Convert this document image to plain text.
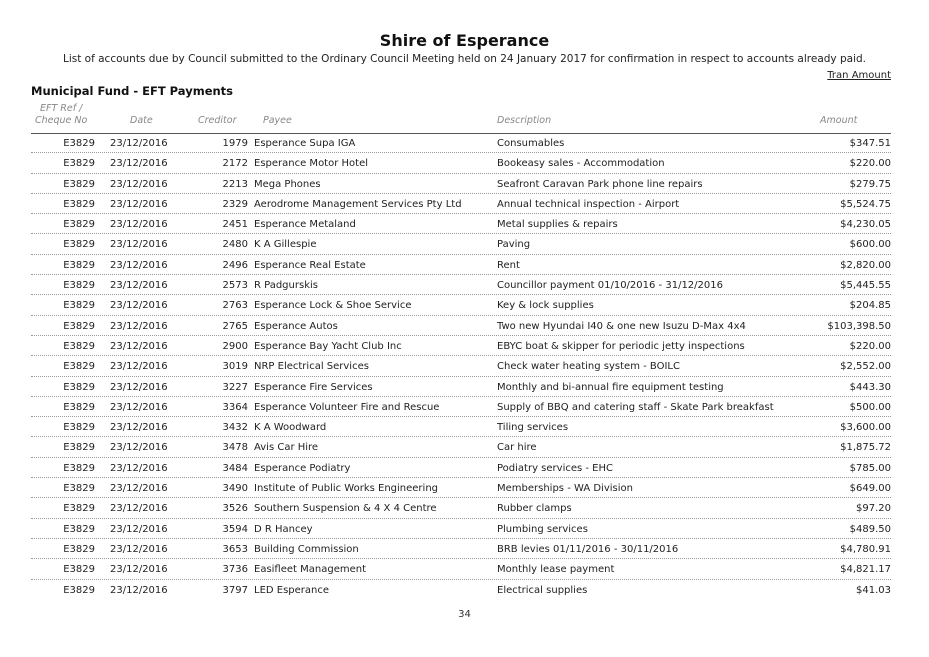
Shire of Esperance
List of accounts due by Council submitted to the Ordinary Council Meeting held on 24 January 2017 for confirmation in respect to accounts already paid.
Tran Amount
Municipal Fund - EFT Payments
EFT Ref /
Cheque No	Date	Creditor	Payee	Description	Amount
E3829 23/12/2016	1979 Esperance Supa IGA	Consumables	$347.51
E3829 23/12/2016	2172 Esperance Motor Hotel	Bookeasy sales - Accommodation	$220.00
E3829 23/12/2016	2213 Mega Phones	Seafront Caravan Park phone line repairs	$279.75
E3829 23/12/2016	2329 Aerodrome Management Services Pty Ltd	Annual technical inspection - Airport	$5,524.75
E3829 23/12/2016	2451 Esperance Metaland	Metal supplies & repairs	$4,230.05
E3829 23/12/2016	2480 K A Gillespie	Paving	$600.00
E3829 23/12/2016	2496 Esperance Real Estate	Rent	$2,820.00
E3829 23/12/2016	2573 R Padgurskis	Councillor payment 01/10/2016 - 31/12/2016	$5,445.55
E3829 23/12/2016	2763 Esperance Lock & Shoe Service	Key & lock supplies	$204.85
E3829 23/12/2016	2765 Esperance Autos	Two new Hyundai I40 & one new Isuzu D-Max 4x4	$103,398.50
E3829 23/12/2016	2900 Esperance Bay Yacht Club Inc	EBYC boat & skipper for periodic jetty inspections	$220.00
E3829 23/12/2016	3019 NRP Electrical Services	Check water heating system - BOILC	$2,552.00
E3829 23/12/2016	3227 Esperance Fire Services	Monthly and bi-annual fire equipment testing	$443.30
E3829 23/12/2016	3364 Esperance Volunteer Fire and Rescue	Supply of BBQ and catering staff - Skate Park breakfast	$500.00
E3829 23/12/2016	3432 K A Woodward	Tiling services	$3,600.00
E3829 23/12/2016	3478 Avis Car Hire	Car hire	$1,875.72
E3829 23/12/2016	3484 Esperance Podiatry	Podiatry services - EHC	$785.00
E3829 23/12/2016	3490 Institute of Public Works Engineering	Memberships - WA Division	$649.00
E3829 23/12/2016	3526 Southern Suspension & 4 X 4 Centre	Rubber clamps	$97.20
E3829 23/12/2016	3594 D R Hancey	Plumbing services	$489.50
E3829 23/12/2016	3653 Building Commission	BRB levies 01/11/2016 - 30/11/2016	$4,780.91
E3829 23/12/2016	3736 Easifleet Management	Monthly lease payment	$4,821.17
E3829 23/12/2016	3797 LED Esperance	Electrical supplies	$41.03
34
